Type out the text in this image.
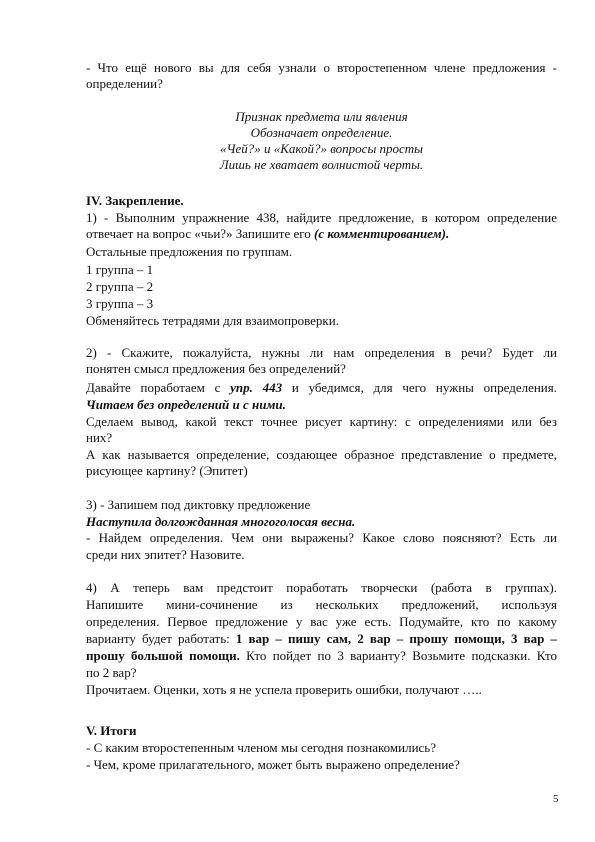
- Что ещё нового вы для себя узнали о второстепенном члене предложения -
определении?
Признак предмета или явления
Обозначает определение.
«Чей?» и «Какой?» вопросы просты
Лишь не хватает волнистой черты.
IV. Закрепление.
1) - Выполним упражнение 438, найдите предложение, в котором определение
отвечает на вопрос «чьи?» Запишите его (с комментированием).
Остальные предложения по группам.
1 группа – 1
2 группа – 2
3 группа – 3
Обменяйтесь тетрадями для взаимопроверки.
2) - Скажите, пожалуйста, нужны ли нам определения в речи? Будет ли
понятен смысл предложения без определений?
Давайте поработаем с упр. 443 и убедимся, для чего нужны определения.
Читаем без определений и с ними.
Сделаем вывод, какой текст точнее рисует картину: с определениями или без
них?
А как называется определение, создающее образное представление о предмете,
рисующее картину? (Эпитет)
3) - Запишем под диктовку предложение
Наступила долгожданная многоголосая весна.
- Найдем определения. Чем они выражены? Какое слово поясняют? Есть ли
среди них эпитет? Назовите.
4) А теперь вам предстоит поработать творчески (работа в группах).
Напишите мини-сочинение из нескольких предложений, используя
определения. Первое предложение у вас уже есть. Подумайте, кто по какому
варианту будет работать: 1 вар – пишу сам, 2 вар – прошу помощи, 3 вар –
прошу большой помощи. Кто пойдет по 3 варианту? Возьмите подсказки. Кто
по 2 вар?
Прочитаем. Оценки, хоть я не успела проверить ошибки, получают …..
V. Итоги
- С каким второстепенным членом мы сегодня познакомились?
- Чем, кроме прилагательного, может быть выражено определение?
5
